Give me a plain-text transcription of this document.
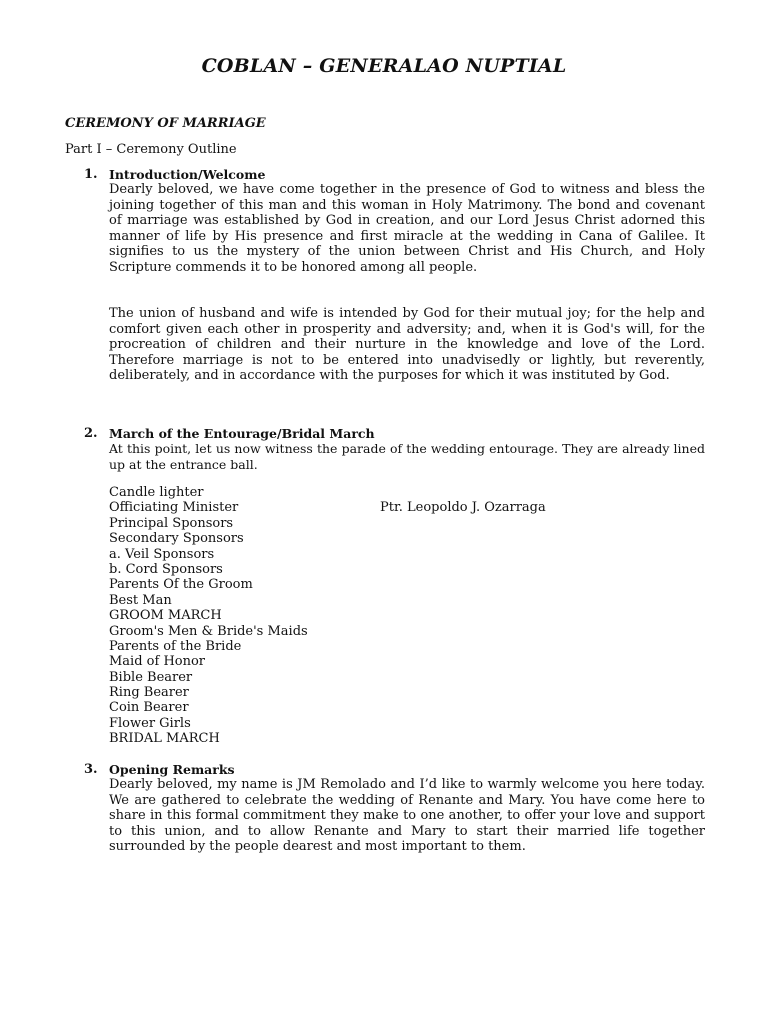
COBLAN – GENERALAO NUPTIAL
CEREMONY OF MARRIAGE
Part I – Ceremony Outline
1. Introduction/Welcome

Dearly beloved, we have come together in the presence of God to witness and bless the joining together of this man and this woman in Holy Matrimony. The bond and covenant of marriage was established by God in creation, and our Lord Jesus Christ adorned this manner of life by His presence and first miracle at the wedding in Cana of Galilee. It signifies to us the mystery of the union between Christ and His Church, and Holy Scripture commends it to be honored among all people.

The union of husband and wife is intended by God for their mutual joy; for the help and comfort given each other in prosperity and adversity; and, when it is God's will, for the procreation of children and their nurture in the knowledge and love of the Lord. Therefore marriage is not to be entered into unadvisedly or lightly, but reverently, deliberately, and in accordance with the purposes for which it was instituted by God.

2. March of the Entourage/Bridal March

At this point, let us now witness the parade of the wedding entourage. They are already lined up at the entrance ball.

Candle lighter
Officiating Minister	Ptr. Leopoldo J. Ozarraga
Principal Sponsors
Secondary Sponsors
a. Veil Sponsors
b. Cord Sponsors
Parents Of the Groom
Best Man
GROOM MARCH
Groom's Men & Bride's Maids
Parents of the Bride
Maid of Honor
Bible Bearer
Ring Bearer
Coin Bearer
Flower Girls
BRIDAL MARCH
3. Opening Remarks

Dearly beloved, my name is JM Remolado and I’d like to warmly welcome you here today. We are gathered to celebrate the wedding of Renante and Mary. You have come here to share in this formal commitment they make to one another, to offer your love and support to this union, and to allow Renante and Mary to start their married life together surrounded by the people dearest and most important to them.
